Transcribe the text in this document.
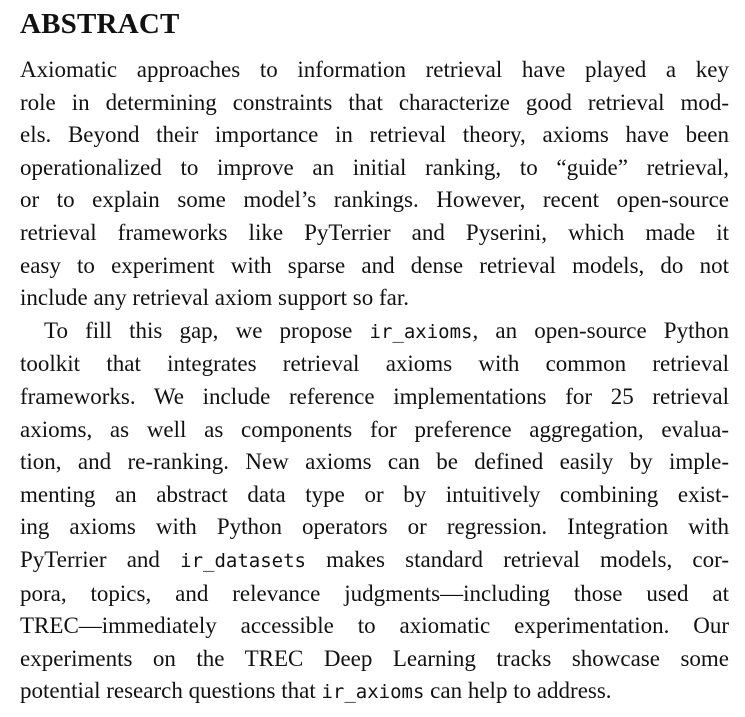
ABSTRACT

Axiomatic approaches to information retrieval have played a key
role in determining constraints that characterize good retrieval mod-
els. Beyond their importance in retrieval theory, axioms have been
operationalized to improve an initial ranking, to “guide” retrieval,
or to explain some model’s rankings. However, recent open-source
retrieval frameworks like PyTerrier and Pyserini, which made it
easy to experiment with sparse and dense retrieval models, do not
include any retrieval axiom support so far.

To fill this gap, we propose ir_axioms, an open-source Python
toolkit that integrates retrieval axioms with common retrieval
frameworks. We include reference implementations for 25 retrieval
axioms, as well as components for preference aggregation, evalua-
tion, and re-ranking. New axioms can be defined easily by imple-
menting an abstract data type or by intuitively combining exist-
ing axioms with Python operators or regression. Integration with
PyTerrier and ir_datasets makes standard retrieval models, cor-
pora, topics, and relevance judgments—including those used at
TREC—immediately accessible to axiomatic experimentation. Our
experiments on the TREC Deep Learning tracks showcase some
potential research questions that ir_axioms can help to address.
